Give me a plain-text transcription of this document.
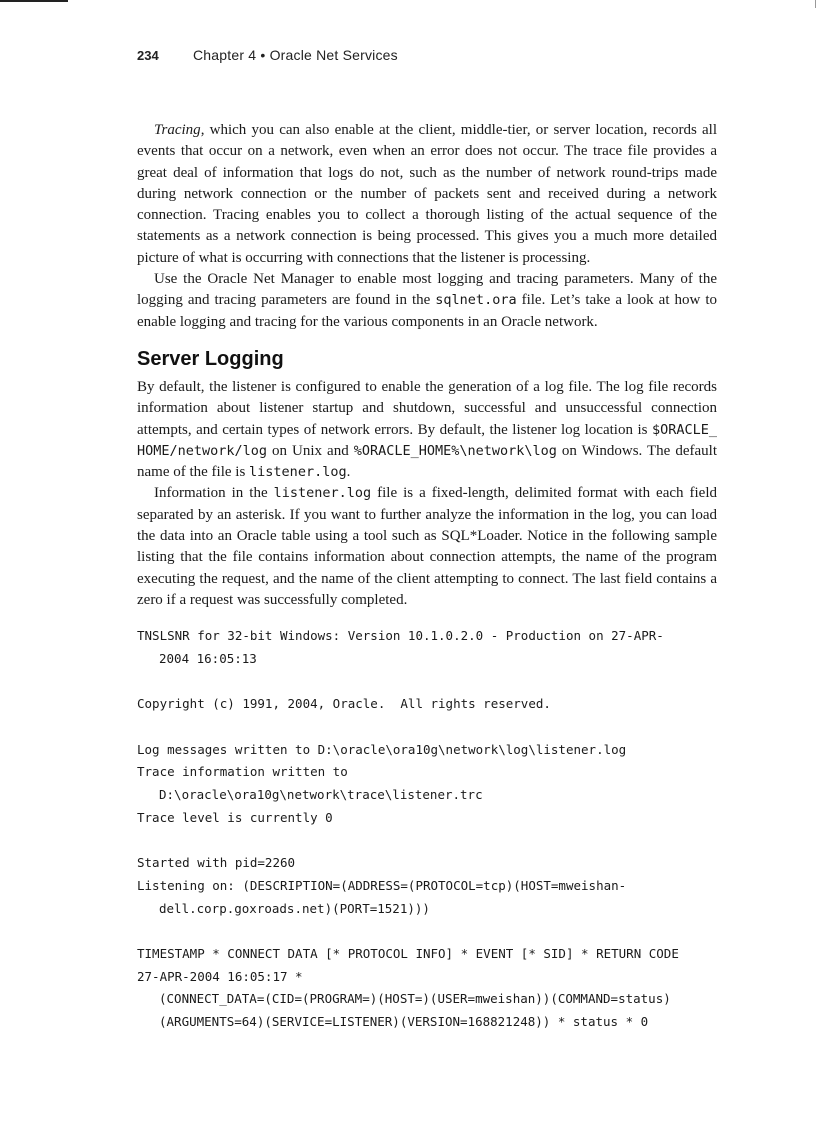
234 Chapter 4 • Oracle Net Services

Tracing, which you can also enable at the client, middle-tier, or server location, records all events that occur on a network, even when an error does not occur. The trace file provides a great deal of information that logs do not, such as the number of network round-trips made during network connection or the number of packets sent and received during a network connection. Tracing enables you to collect a thorough listing of the actual sequence of the statements as a network connection is being processed. This gives you a much more detailed picture of what is occurring with connections that the listener is processing.

Use the Oracle Net Manager to enable most logging and tracing parameters. Many of the logging and tracing parameters are found in the sqlnet.ora file. Let’s take a look at how to enable logging and tracing for the various components in an Oracle network.

Server Logging

By default, the listener is configured to enable the generation of a log file. The log file records information about listener startup and shutdown, successful and unsuccessful connection attempts, and certain types of network errors. By default, the listener log location is $ORACLE_ HOME/network/log on Unix and %ORACLE_HOME%\network\log on Windows. The default name of the file is listener.log.

Information in the listener.log file is a fixed-length, delimited format with each field separated by an asterisk. If you want to further analyze the information in the log, you can load the data into an Oracle table using a tool such as SQL*Loader. Notice in the following sample listing that the file contains information about connection attempts, the name of the program executing the request, and the name of the client attempting to connect. The last field contains a zero if a request was successfully completed.

TNSLSNR for 32-bit Windows: Version 10.1.0.2.0 - Production on 27-APR-
2004 16:05:13
Copyright (c) 1991, 2004, Oracle.  All rights reserved.
Log messages written to D:\oracle\ora10g\network\log\listener.log
Trace information written to
D:\oracle\ora10g\network\trace\listener.trc
Trace level is currently 0
Started with pid=2260
Listening on: (DESCRIPTION=(ADDRESS=(PROTOCOL=tcp)(HOST=mweishan-
dell.corp.goxroads.net)(PORT=1521)))
TIMESTAMP * CONNECT DATA [* PROTOCOL INFO] * EVENT [* SID] * RETURN CODE
27-APR-2004 16:05:17 *
(CONNECT_DATA=(CID=(PROGRAM=)(HOST=)(USER=mweishan))(COMMAND=status)
(ARGUMENTS=64)(SERVICE=LISTENER)(VERSION=168821248)) * status * 0
